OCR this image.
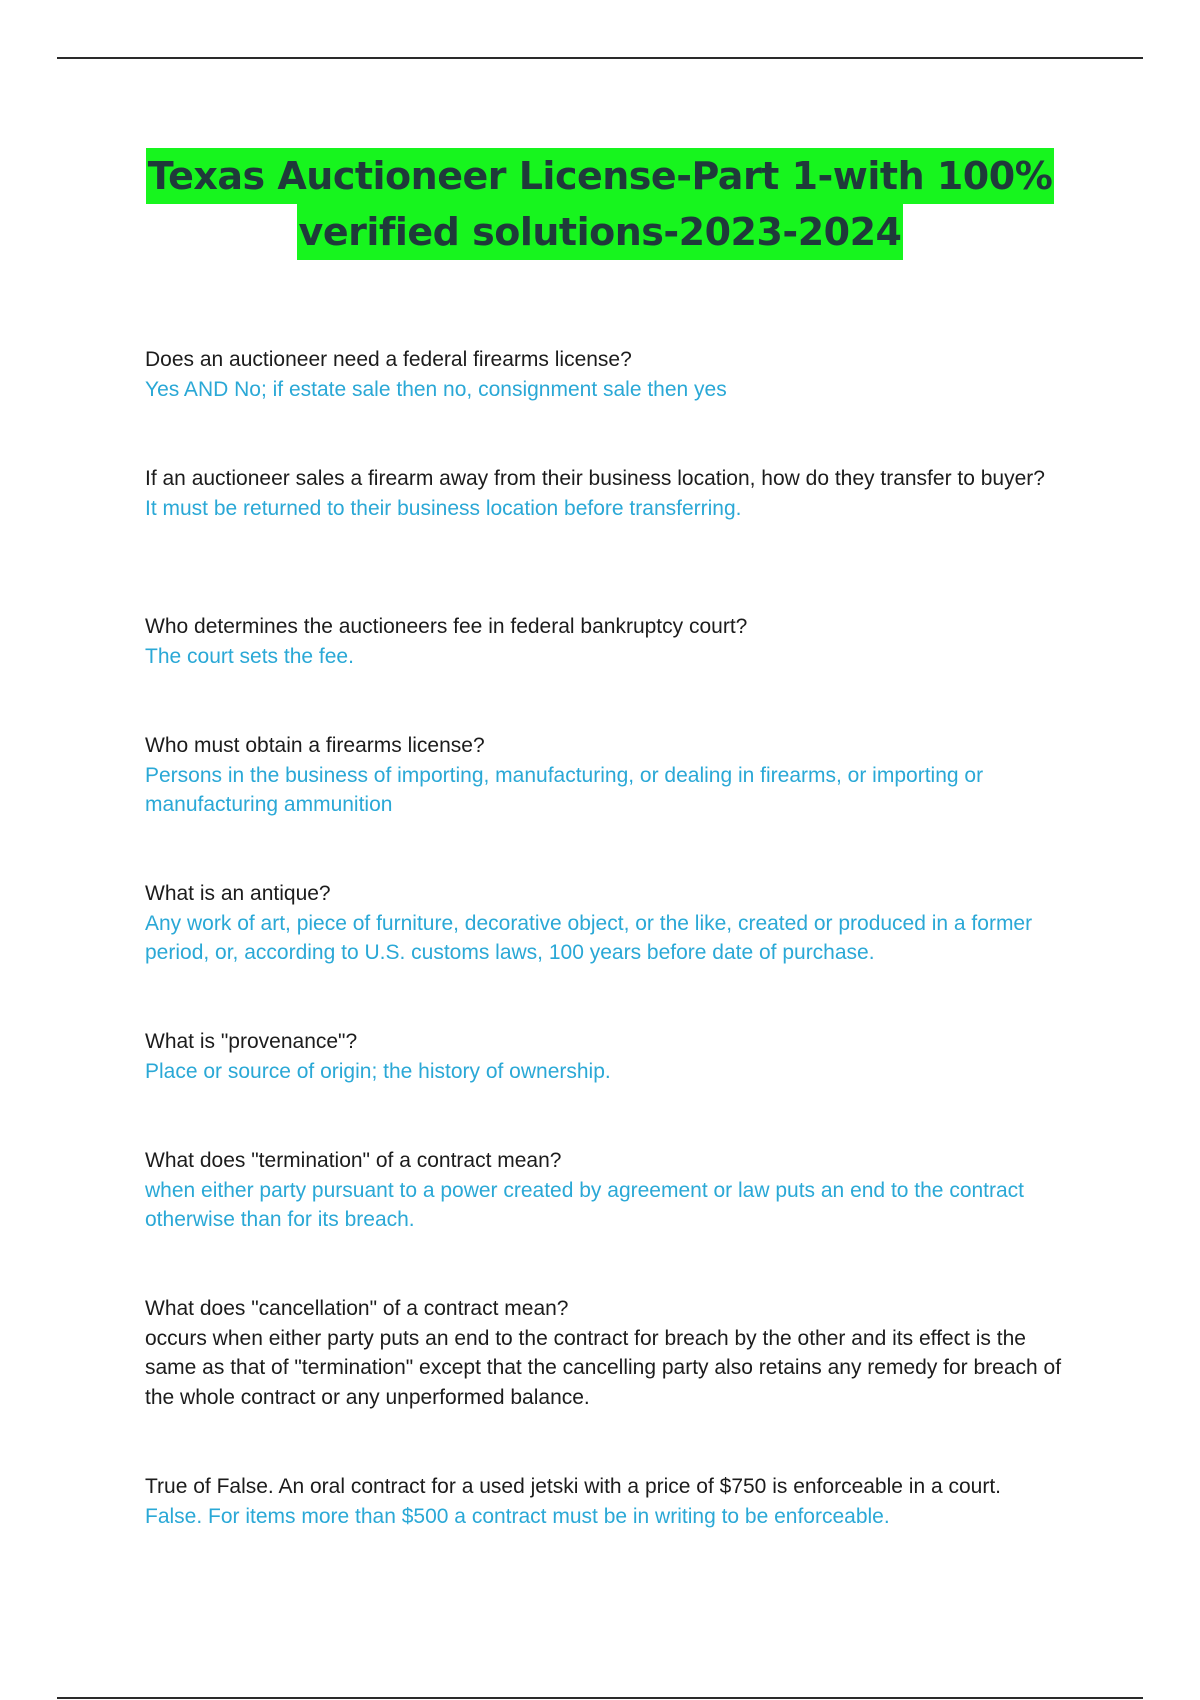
Texas Auctioneer License-Part 1-with 100%
verified solutions-2023-2024
Does an auctioneer need a federal firearms license?
Yes AND No; if estate sale then no, consignment sale then yes
If an auctioneer sales a firearm away from their business location, how do they transfer to buyer?
It must be returned to their business location before transferring.
Who determines the auctioneers fee in federal bankruptcy court?
The court sets the fee.
Who must obtain a firearms license?
Persons in the business of importing, manufacturing, or dealing in firearms, or importing or manufacturing ammunition
What is an antique?
Any work of art, piece of furniture, decorative object, or the like, created or produced in a former period, or, according to U.S. customs laws, 100 years before date of purchase.
What is "provenance"?
Place or source of origin; the history of ownership.
What does "termination" of a contract mean?
when either party pursuant to a power created by agreement or law puts an end to the contract otherwise than for its breach.
What does "cancellation" of a contract mean?
occurs when either party puts an end to the contract for breach by the other and its effect is the same as that of "termination" except that the cancelling party also retains any remedy for breach of the whole contract or any unperformed balance.
True of False. An oral contract for a used jetski with a price of $750 is enforceable in a court.
False. For items more than $500 a contract must be in writing to be enforceable.
